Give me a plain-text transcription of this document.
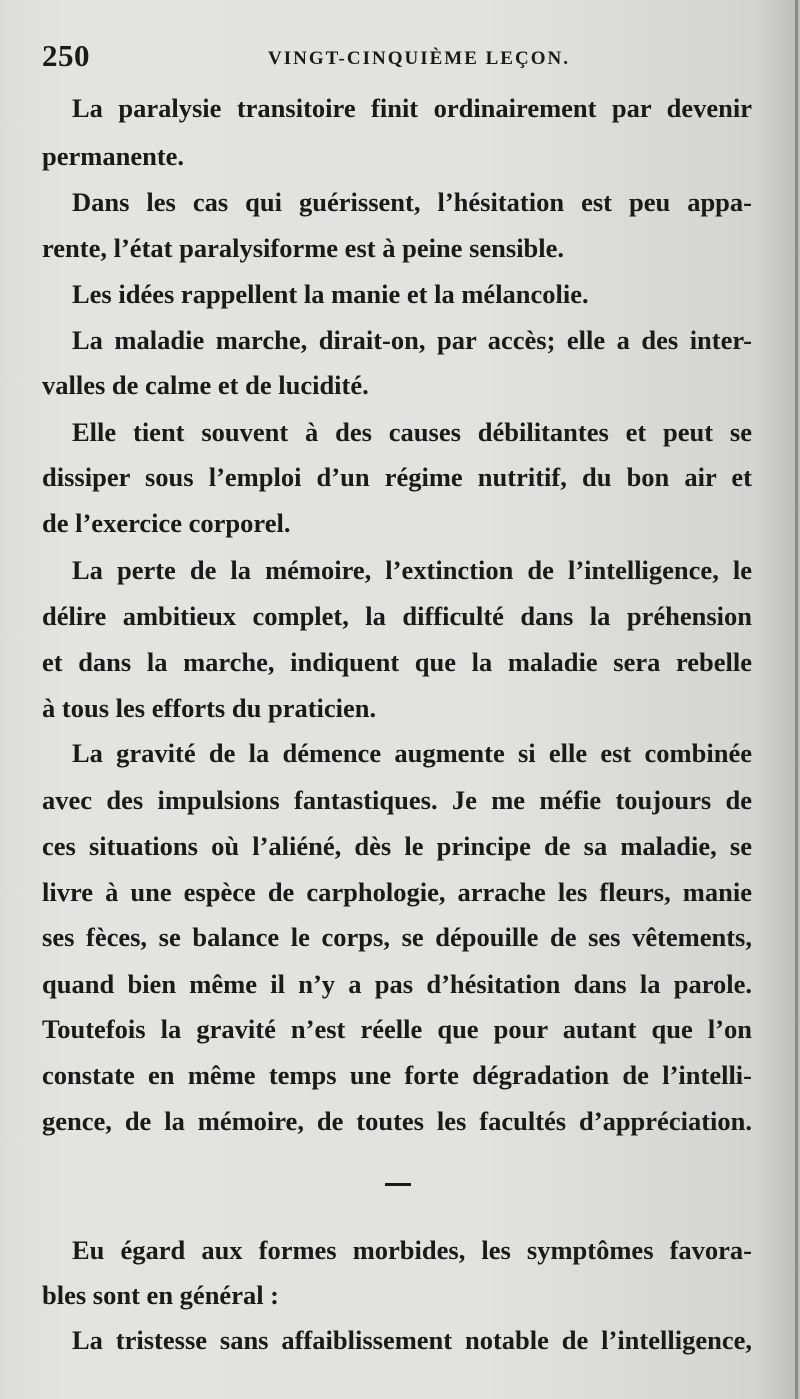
250	VINGT-CINQUIÈME LEÇON.
La paralysie transitoire finit ordinairement par devenir
permanente.
Dans les cas qui guérissent, l’hésitation est peu appa-
rente, l’état paralysiforme est à peine sensible.
Les idées rappellent la manie et la mélancolie.
La maladie marche, dirait-on, par accès; elle a des inter-
valles de calme et de lucidité.
Elle tient souvent à des causes débilitantes et peut se
dissiper sous l’emploi d’un régime nutritif, du bon air et
de l’exercice corporel.
La perte de la mémoire, l’extinction de l’intelligence, le
délire ambitieux complet, la difficulté dans la préhension
et dans la marche, indiquent que la maladie sera rebelle
à tous les efforts du praticien.
La gravité de la démence augmente si elle est combinée
avec des impulsions fantastiques. Je me méfie toujours de
ces situations où l’aliéné, dès le principe de sa maladie, se
livre à une espèce de carphologie, arrache les fleurs, manie
ses fèces, se balance le corps, se dépouille de ses vêtements,
quand bien même il n’y a pas d’hésitation dans la parole.
Toutefois la gravité n’est réelle que pour autant que l’on
constate en même temps une forte dégradation de l’intelli-
gence, de la mémoire, de toutes les facultés d’appréciation.
Eu égard aux formes morbides, les symptômes favora-
bles sont en général :
La tristesse sans affaiblissement notable de l’intelligence,
